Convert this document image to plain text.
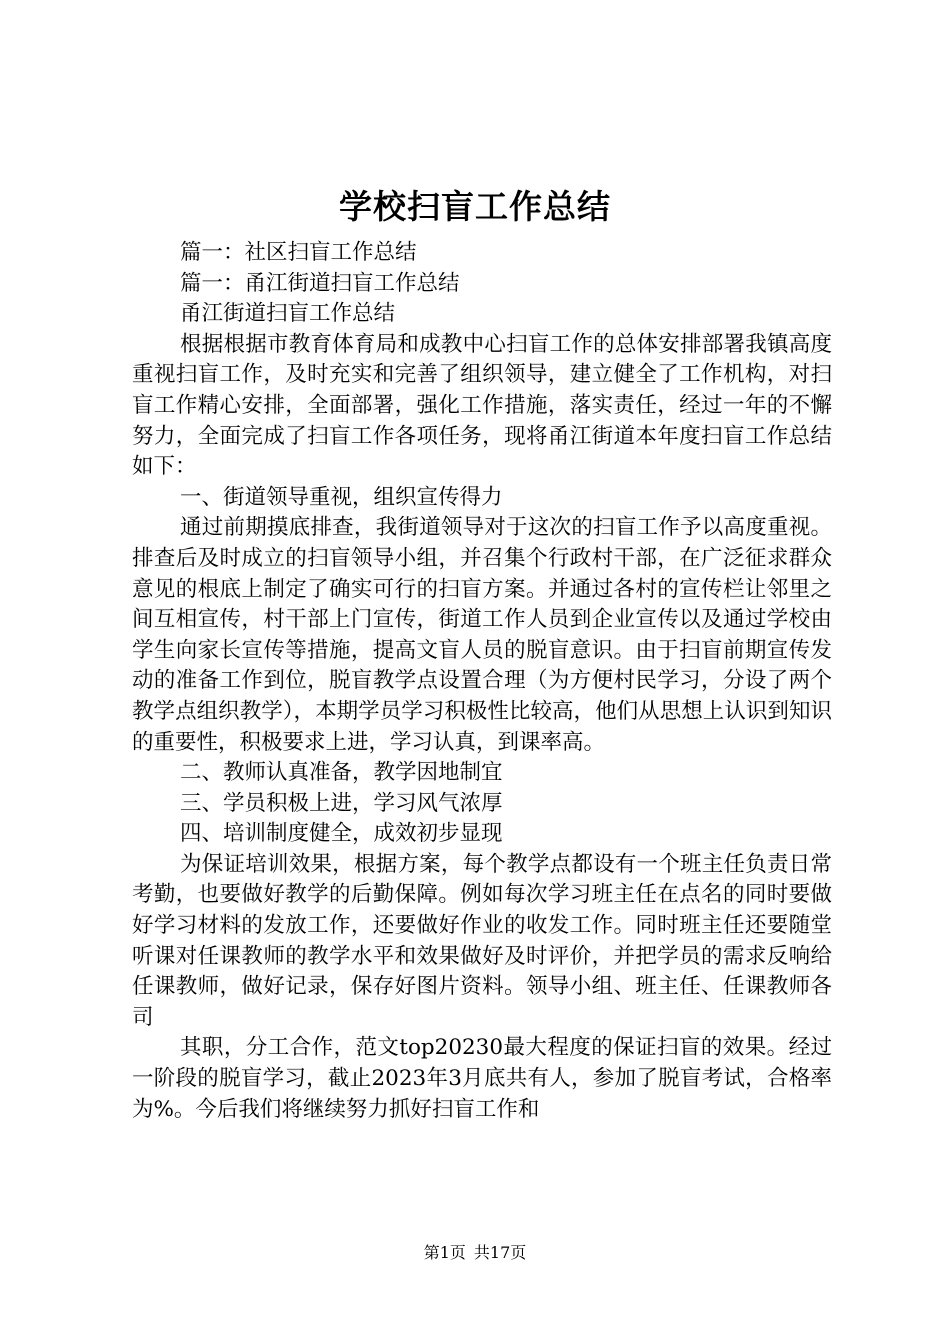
学校扫盲工作总结

篇一：社区扫盲工作总结

篇一：甬江街道扫盲工作总结

甬江街道扫盲工作总结

根据根据市教育体育局和成教中心扫盲工作的总体安排部署我镇高度重视扫盲工作，及时充实和完善了组织领导，建立健全了工作机构，对扫盲工作精心安排，全面部署，强化工作措施，落实责任，经过一年的不懈努力，全面完成了扫盲工作各项任务，现将甬江街道本年度扫盲工作总结如下：

一、街道领导重视，组织宣传得力

通过前期摸底排查，我街道领导对于这次的扫盲工作予以高度重视。排查后及时成立的扫盲领导小组，并召集个行政村干部，在广泛征求群众意见的根底上制定了确实可行的扫盲方案。并通过各村的宣传栏让邻里之间互相宣传，村干部上门宣传，街道工作人员到企业宣传以及通过学校由学生向家长宣传等措施，提高文盲人员的脱盲意识。由于扫盲前期宣传发动的准备工作到位，脱盲教学点设置合理（为方便村民学习，分设了两个教学点组织教学），本期学员学习积极性比较高，他们从思想上认识到知识的重要性，积极要求上进，学习认真，到课率高。

二、教师认真准备，教学因地制宜

三、学员积极上进，学习风气浓厚

四、培训制度健全，成效初步显现

为保证培训效果，根据方案，每个教学点都设有一个班主任负责日常考勤，也要做好教学的后勤保障。例如每次学习班主任在点名的同时要做好学习材料的发放工作，还要做好作业的收发工作。同时班主任还要随堂听课对任课教师的教学水平和效果做好及时评价，并把学员的需求反响给任课教师，做好记录，保存好图片资料。领导小组、班主任、任课教师各司

其职，分工合作，范文top20230最大程度的保证扫盲的效果。经过一阶段的脱盲学习，截止2023年3月底共有人，参加了脱盲考试，合格率为%。今后我们将继续努力抓好扫盲工作和

第1页 共17页
